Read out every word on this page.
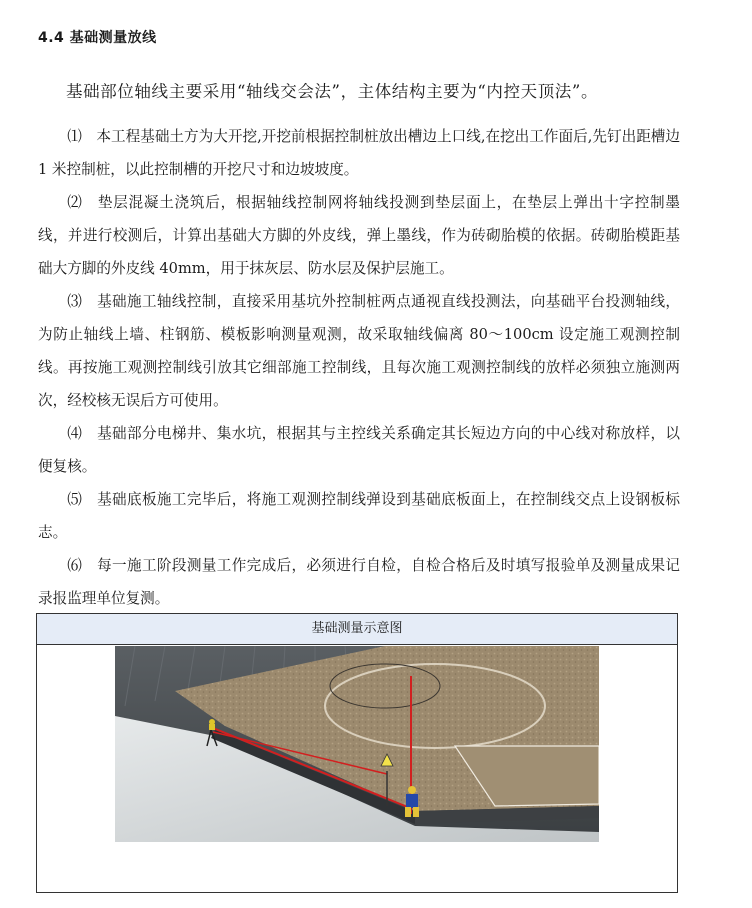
4.4 基础测量放线
基础部位轴线主要采用“轴线交会法”，主体结构主要为“内控天顶法”。

⑴　本工程基础土方为大开挖,开挖前根据控制桩放出槽边上口线,在挖出工作面后,先钉出距槽边 1 米控制桩，以此控制槽的开挖尺寸和边坡坡度。

⑵　垫层混凝土浇筑后，根据轴线控制网将轴线投测到垫层面上，在垫层上弹出十字控制墨线，并进行校测后，计算出基础大方脚的外皮线，弹上墨线，作为砖砌胎模的依据。砖砌胎模距基础大方脚的外皮线 40mm，用于抹灰层、防水层及保护层施工。

⑶　基础施工轴线控制，直接采用基坑外控制桩两点通视直线投测法，向基础平台投测轴线，为防止轴线上墙、柱钢筋、模板影响测量观测，故采取轴线偏离 80～100cm 设定施工观测控制线。再按施工观测控制线引放其它细部施工控制线，且每次施工观测控制线的放样必须独立施测两次，经校核无误后方可使用。

⑷　基础部分电梯井、集水坑，根据其与主控线关系确定其长短边方向的中心线对称放样，以便复核。

⑸　基础底板施工完毕后，将施工观测控制线弹设到基础底板面上，在控制线交点上设钢板标志。

⑹　每一施工阶段测量工作完成后，必须进行自检，自检合格后及时填写报验单及测量成果记录报监理单位复测。

基础测量示意图
